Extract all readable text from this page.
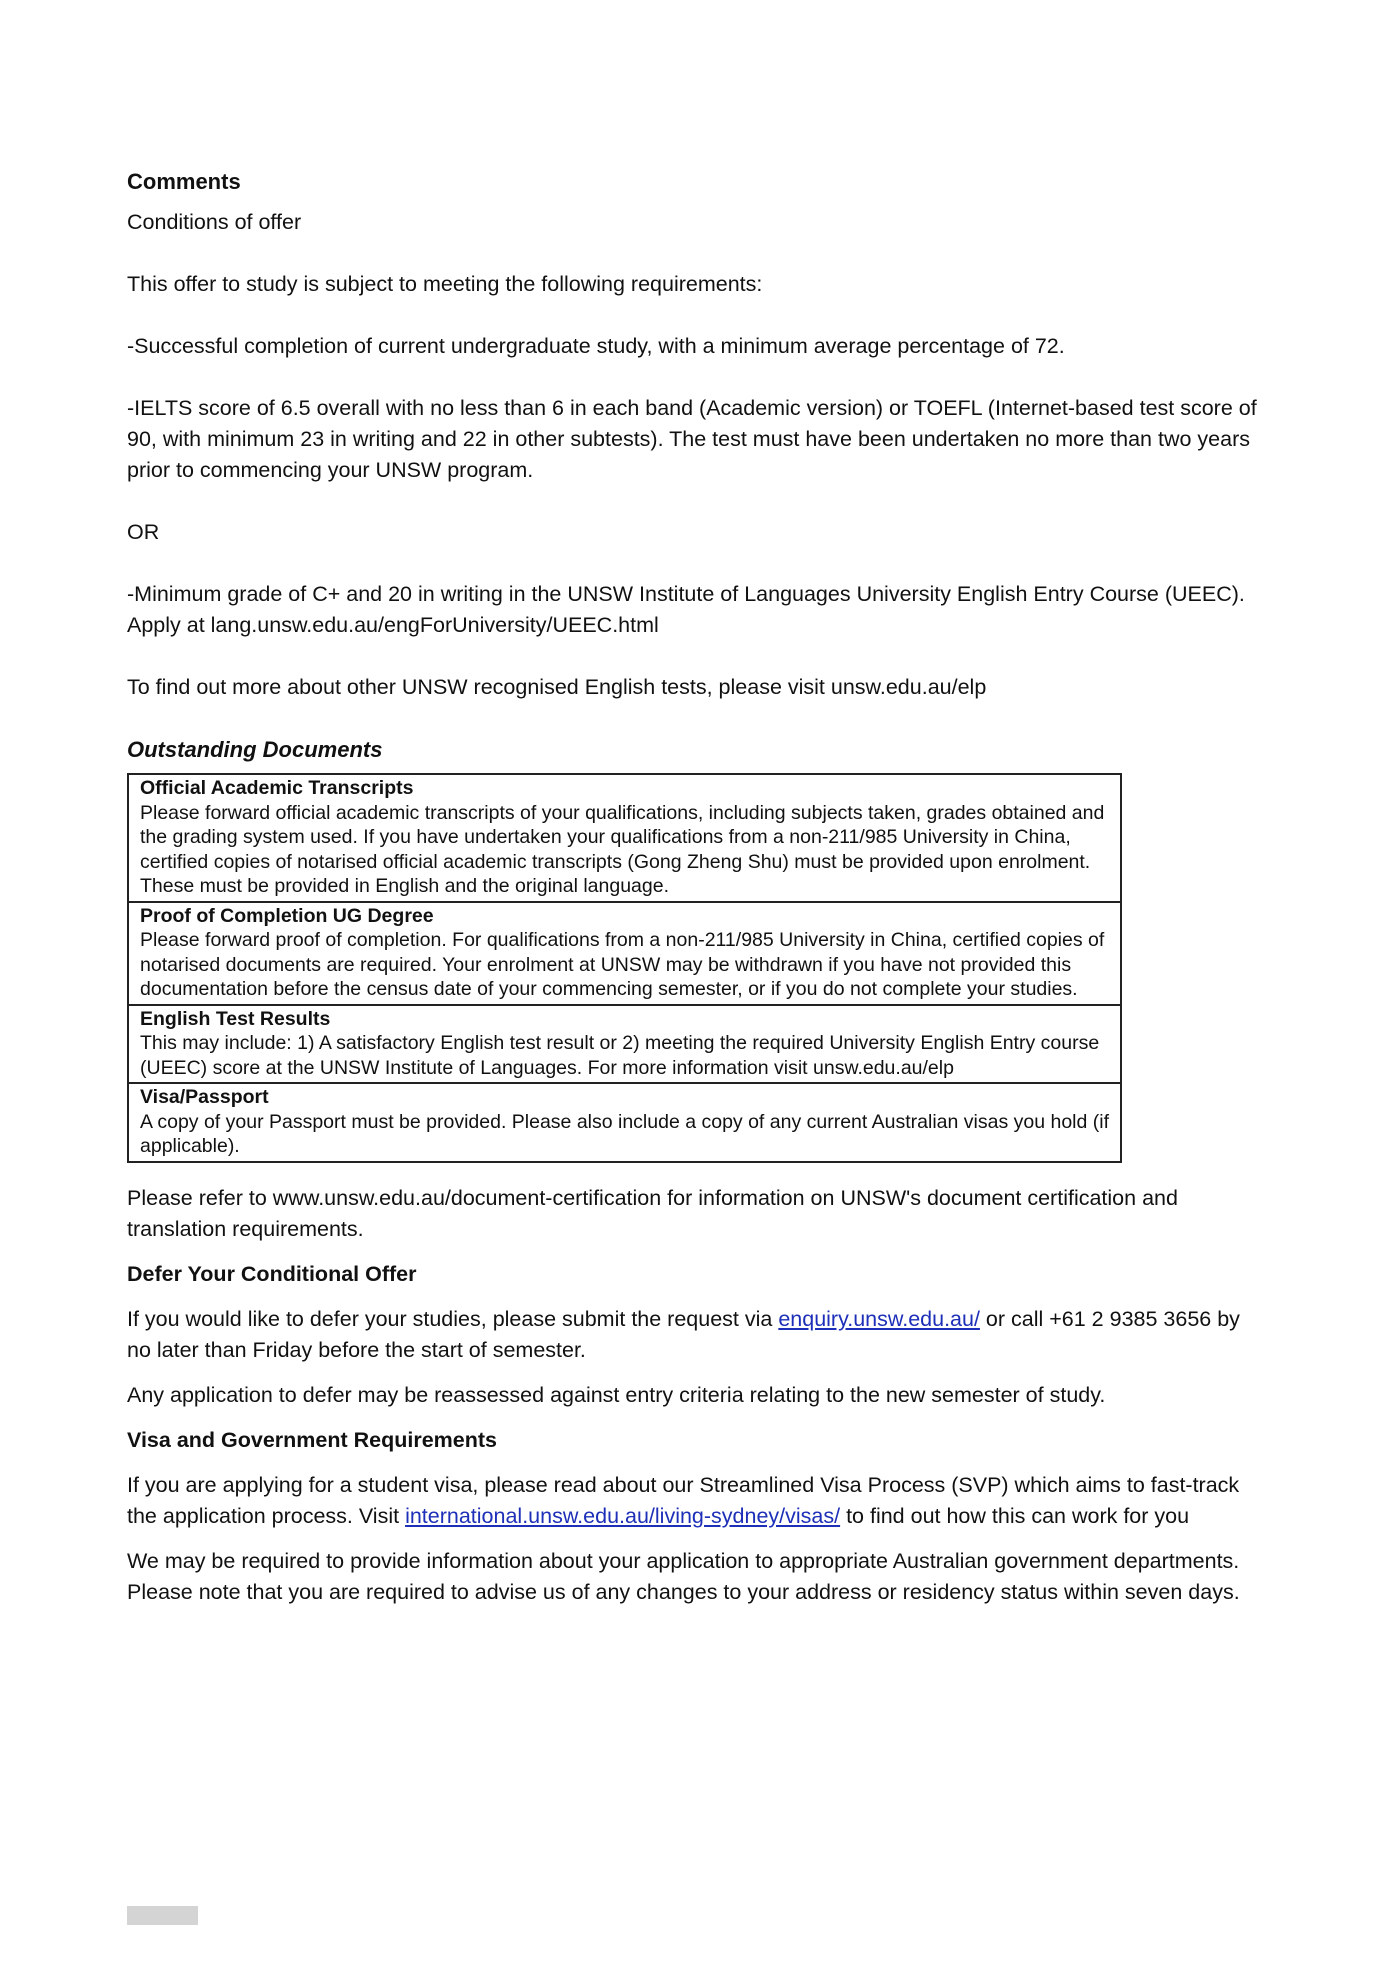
Comments

Conditions of offer

This offer to study is subject to meeting the following requirements:

-Successful completion of current undergraduate study, with a minimum average percentage of 72.

-IELTS score of 6.5 overall with no less than 6 in each band (Academic version) or TOEFL (Internet-based test score of 90, with minimum 23 in writing and 22 in other subtests). The test must have been undertaken no more than two years prior to commencing your UNSW program.

OR

-Minimum grade of C+ and 20 in writing in the UNSW Institute of Languages University English Entry Course (UEEC). Apply at lang.unsw.edu.au/engForUniversity/UEEC.html

To find out more about other UNSW recognised English tests, please visit unsw.edu.au/elp

Outstanding Documents

Official Academic Transcripts
Please forward official academic transcripts of your qualifications, including subjects taken, grades obtained and the grading system used. If you have undertaken your qualifications from a non-211/985 University in China, certified copies of notarised official academic transcripts (Gong Zheng Shu) must be provided upon enrolment. These must be provided in English and the original language.

Proof of Completion UG Degree
Please forward proof of completion. For qualifications from a non-211/985 University in China, certified copies of notarised documents are required. Your enrolment at UNSW may be withdrawn if you have not provided this documentation before the census date of your commencing semester, or if you do not complete your studies.

English Test Results
This may include: 1) A satisfactory English test result or 2) meeting the required University English Entry course (UEEC) score at the UNSW Institute of Languages. For more information visit unsw.edu.au/elp

Visa/Passport
A copy of your Passport must be provided. Please also include a copy of any current Australian visas you hold (if applicable).

Please refer to www.unsw.edu.au/document-certification for information on UNSW's document certification and translation requirements.

Defer Your Conditional Offer

If you would like to defer your studies, please submit the request via enquiry.unsw.edu.au/ or call +61 2 9385 3656 by no later than Friday before the start of semester.

Any application to defer may be reassessed against entry criteria relating to the new semester of study.

Visa and Government Requirements

If you are applying for a student visa, please read about our Streamlined Visa Process (SVP) which aims to fast-track the application process. Visit international.unsw.edu.au/living-sydney/visas/ to find out how this can work for you

We may be required to provide information about your application to appropriate Australian government departments. Please note that you are required to advise us of any changes to your address or residency status within seven days.
